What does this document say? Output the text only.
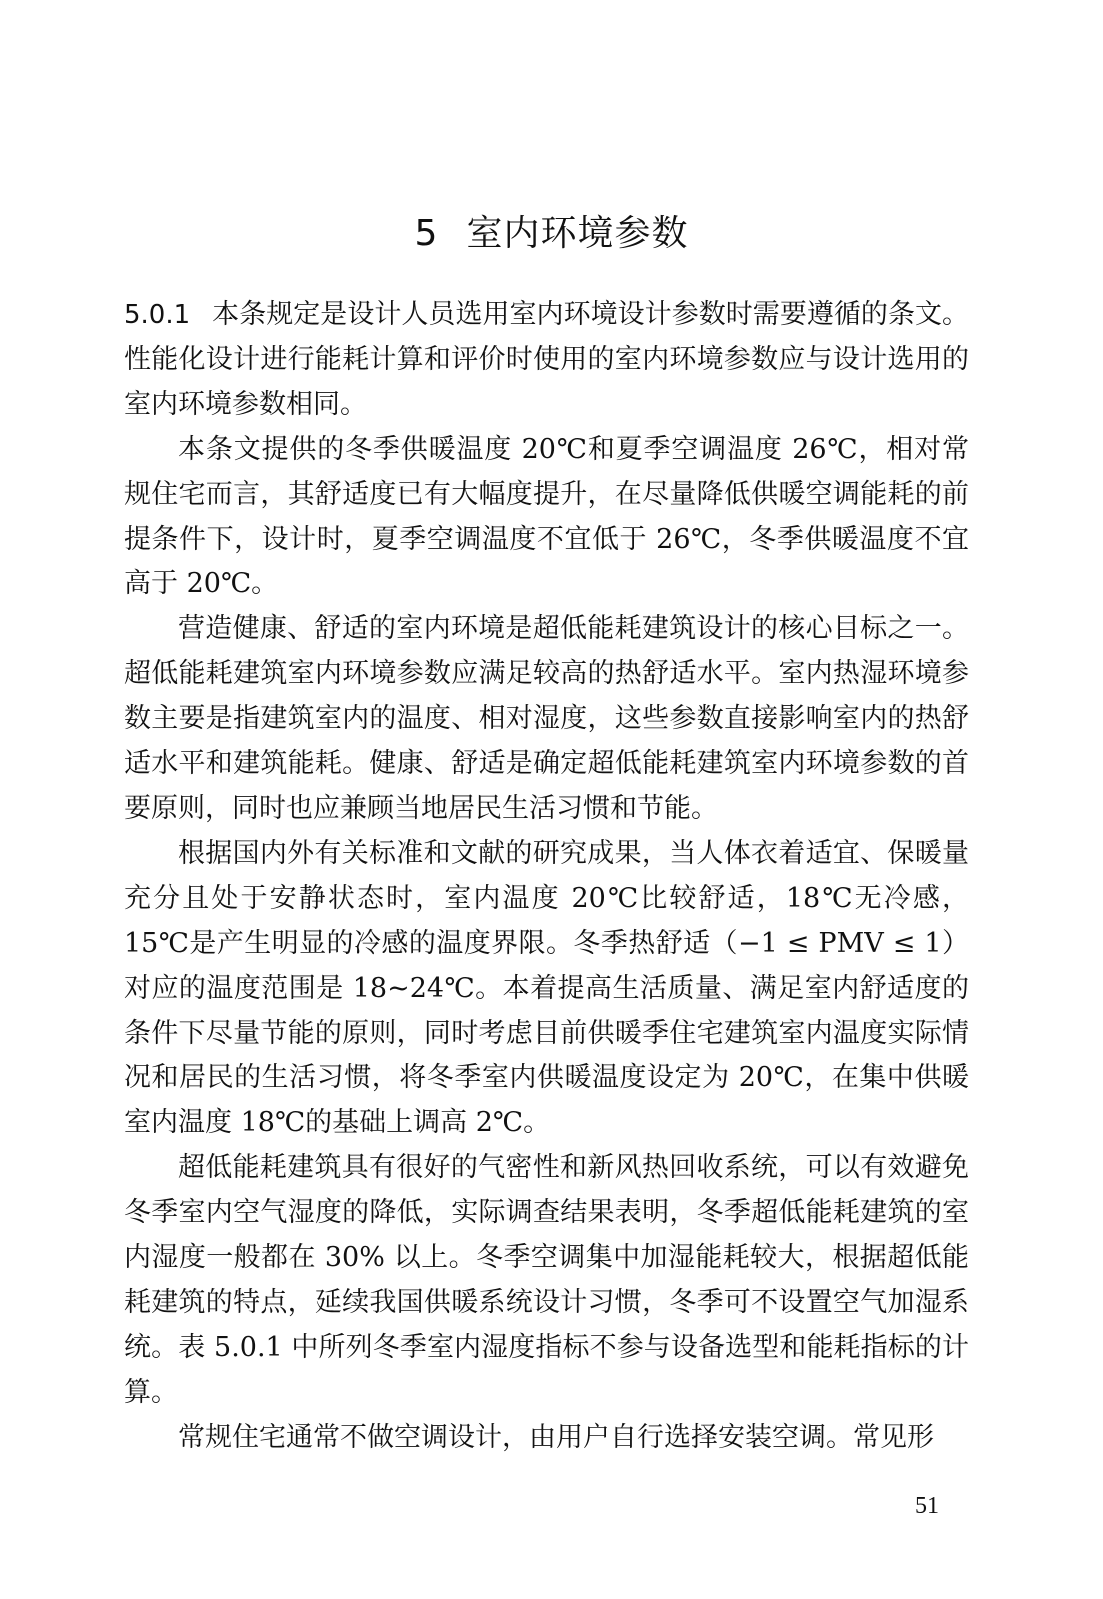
5 室内环境参数

5.0.1 本条规定是设计人员选用室内环境设计参数时需要遵循的条文。性能化设计进行能耗计算和评价时使用的室内环境参数应与设计选用的室内环境参数相同。

本条文提供的冬季供暖温度 20℃和夏季空调温度 26℃，相对常规住宅而言，其舒适度已有大幅度提升，在尽量降低供暖空调能耗的前提条件下，设计时，夏季空调温度不宜低于 26℃，冬季供暖温度不宜高于 20℃。

营造健康、舒适的室内环境是超低能耗建筑设计的核心目标之一。超低能耗建筑室内环境参数应满足较高的热舒适水平。室内热湿环境参数主要是指建筑室内的温度、相对湿度，这些参数直接影响室内的热舒适水平和建筑能耗。健康、舒适是确定超低能耗建筑室内环境参数的首要原则，同时也应兼顾当地居民生活习惯和节能。

根据国内外有关标准和文献的研究成果，当人体衣着适宜、保暖量充分且处于安静状态时，室内温度 20℃比较舒适，18℃无冷感，15℃是产生明显的冷感的温度界限。冬季热舒适（−1 ≤ PMV ≤ 1）对应的温度范围是 18~24℃。本着提高生活质量、满足室内舒适度的条件下尽量节能的原则，同时考虑目前供暖季住宅建筑室内温度实际情况和居民的生活习惯，将冬季室内供暖温度设定为 20℃，在集中供暖室内温度 18℃的基础上调高 2℃。

超低能耗建筑具有很好的气密性和新风热回收系统，可以有效避免冬季室内空气湿度的降低，实际调查结果表明，冬季超低能耗建筑的室内湿度一般都在 30% 以上。冬季空调集中加湿能耗较大，根据超低能耗建筑的特点，延续我国供暖系统设计习惯，冬季可不设置空气加湿系统。表 5.0.1 中所列冬季室内湿度指标不参与设备选型和能耗指标的计算。

常规住宅通常不做空调设计，由用户自行选择安装空调。常见形

51
